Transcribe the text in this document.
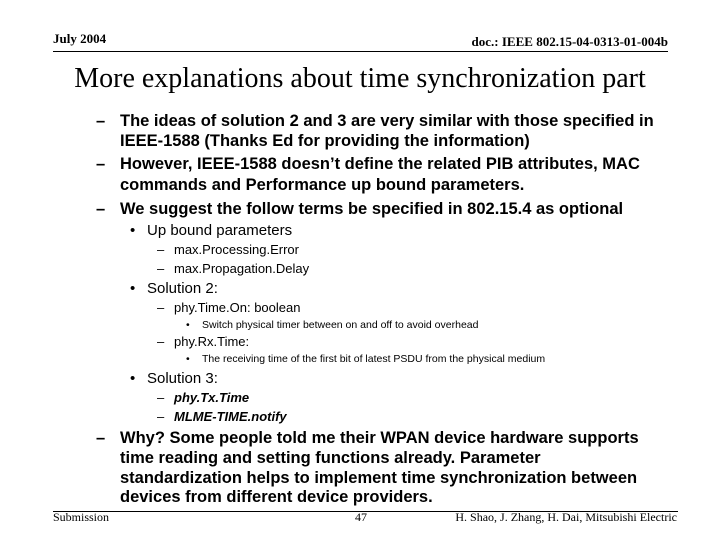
July 2004	doc.: IEEE 802.15-04-0313-01-004b
More explanations about time synchronization part
– The ideas of solution 2 and 3 are very similar with those specified in
IEEE-1588 (Thanks Ed for providing the information)
– However, IEEE-1588 doesn’t define the related PIB attributes, MAC
commands and Performance up bound parameters.
– We suggest the follow terms be specified in 802.15.4 as optional
• Up bound parameters
– max.Processing.Error
– max.Propagation.Delay
• Solution 2:
– phy.Time.On: boolean
• Switch physical timer between on and off to avoid overhead
– phy.Rx.Time:
• The receiving time of the first bit of latest PSDU from the physical medium
• Solution 3:
– phy.Tx.Time
– MLME-TIME.notify
– Why? Some people told me their WPAN device hardware supports
time reading and setting functions already. Parameter
standardization helps to implement time synchronization between
devices from different device providers.
Submission	47	H. Shao, J. Zhang, H. Dai, Mitsubishi Electric
